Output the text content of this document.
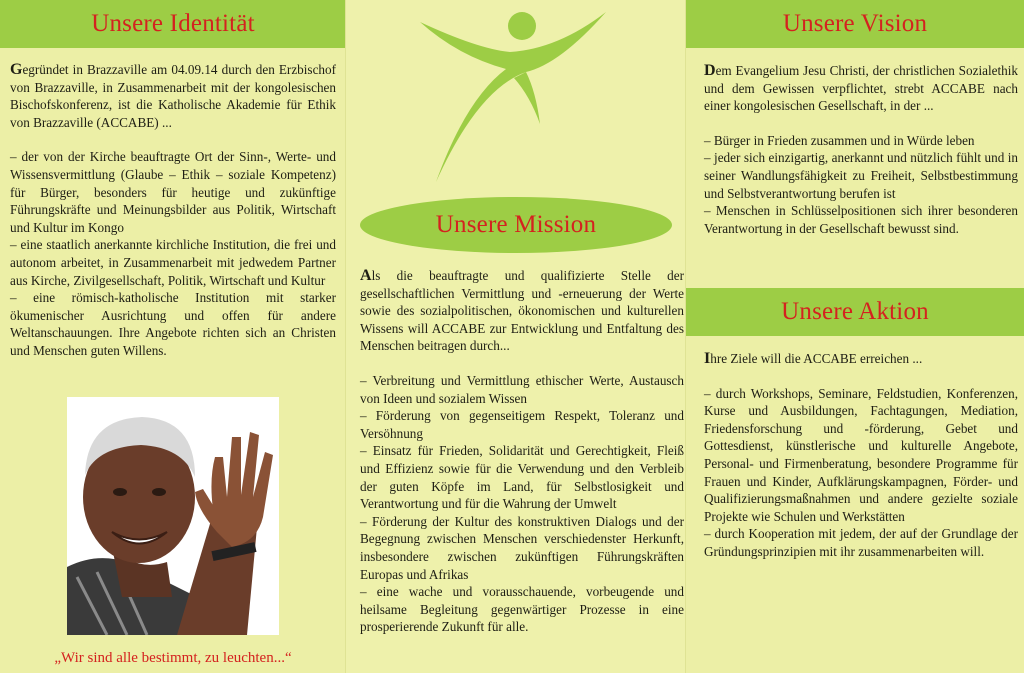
Unsere Identität

Gegründet in Brazzaville am 04.09.14 durch den Erzbischof von Brazzaville, in Zusammenarbeit mit der kongolesischen Bischofskonferenz, ist die Katholische Akademie für Ethik von Brazzaville (ACCABE) ...

– der von der Kirche beauftragte Ort der Sinn-, Werte- und Wissensvermittlung (Glaube – Ethik – soziale Kompetenz) für Bürger, besonders für heutige und zukünftige Führungskräfte und Meinungsbilder aus Politik, Wirtschaft und Kultur im Kongo

– eine staatlich anerkannte kirchliche Institution, die frei und autonom arbeitet, in Zusammenarbeit mit jedwedem Partner aus Kirche, Zivilgesellschaft, Politik, Wirtschaft und Kultur

– eine römisch-katholische Institution mit starker ökumenischer Ausrichtung und offen für andere Weltanschauungen. Ihre Angebote richten sich an Christen und Menschen guten Willens.

„Wir sind alle bestimmt, zu leuchten...“
Unsere Mission

Als die beauftragte und qualifizierte Stelle der gesellschaftlichen Vermittlung und -erneuerung der Werte sowie des sozialpolitischen, ökonomischen und kulturellen Wissens will ACCABE zur Entwicklung und Entfaltung des Menschen beitragen durch...

– Verbreitung und Vermittlung ethischer Werte, Austausch von Ideen und sozialem Wissen

– Förderung von gegenseitigem Respekt, Toleranz und Versöhnung

– Einsatz für Frieden, Solidarität und Gerechtigkeit, Fleiß und Effizienz sowie für die Verwendung und den Verbleib der guten Köpfe im Land, für Selbstlosigkeit und Verantwortung und für die Wahrung der Umwelt

– Förderung der Kultur des konstruktiven Dialogs und der Begegnung zwischen Menschen verschiedenster Herkunft, insbesondere zwischen zukünftigen Führungskräften Europas und Afrikas

– eine wache und vorausschauende, vorbeugende und heilsame Begleitung gegenwärtiger Prozesse in eine prosperierende Zukunft für alle.

Unsere Vision

Dem Evangelium Jesu Christi, der christlichen Sozialethik und dem Gewissen verpflichtet, strebt ACCABE nach einer kongolesischen Gesellschaft, in der ...

– Bürger in Frieden zusammen und in Würde leben

– jeder sich einzigartig, anerkannt und nützlich fühlt und in seiner Wandlungsfähigkeit zu Freiheit, Selbstbestimmung und Selbstverantwortung berufen ist

– Menschen in Schlüsselpositionen sich ihrer besonderen Verantwortung in der Gesellschaft bewusst sind.

Unsere Aktion

Ihre Ziele will die ACCABE erreichen ...

– durch Workshops, Seminare, Feldstudien, Konferenzen, Kurse und Ausbildungen, Fachtagungen, Mediation, Friedensforschung und -förderung, Gebet und Gottesdienst, künstlerische und kulturelle Angebote, Personal- und Firmenberatung, besondere Programme für Frauen und Kinder, Aufklärungskampagnen, Förder- und Qualifizierungsmaßnahmen und andere gezielte soziale Projekte wie Schulen und Werkstätten

– durch Kooperation mit jedem, der auf der Grundlage der Gründungsprinzipien mit ihr zusammenarbeiten will.
